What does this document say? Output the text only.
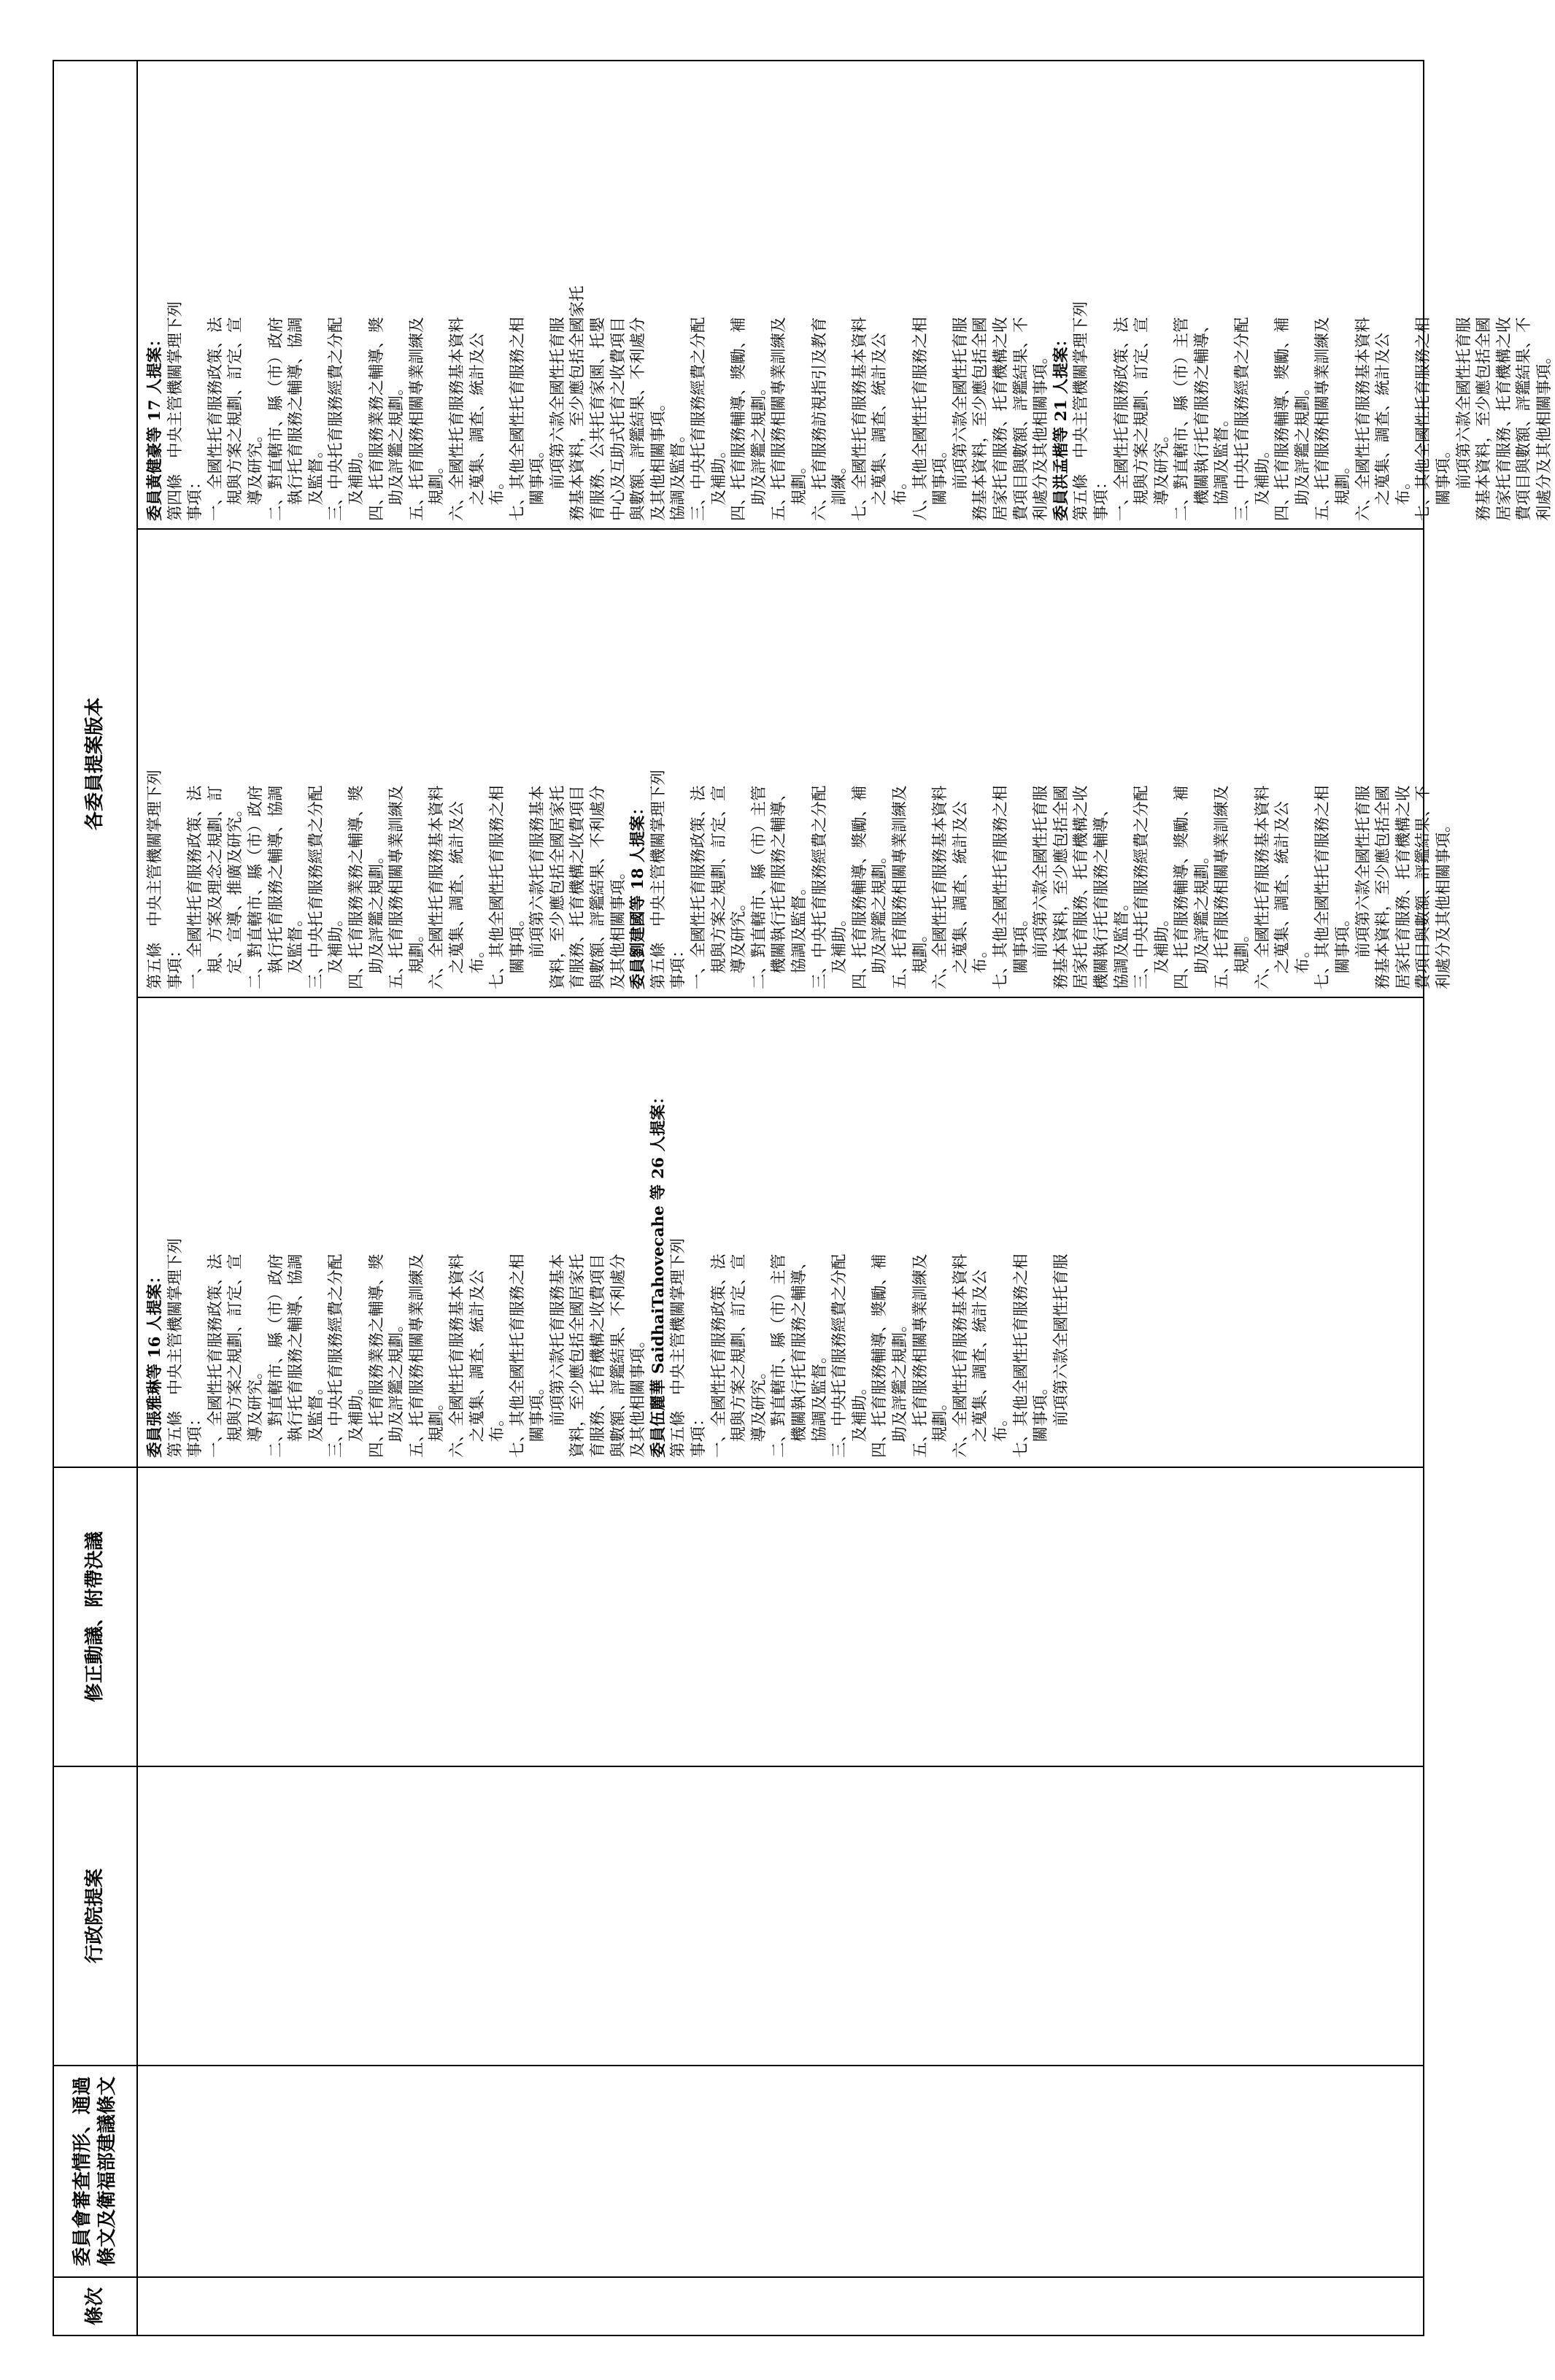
條次
委員會審查情形、通過條文及衛福部建議條文
行政院提案
修正動議、附帶決議
各委員提案版本
委員張雅琳等 16 人提案： 第五條　中央主管機關掌理下列 事項： 一、全國性托育服務政策、法 　規與方案之規劃、訂定、宣 　導及研究。 二、對直轄市、縣（市）政府 　執行托育服務之輔導、協調 　及監督。 三、中央托育服務經費之分配 　及補助。 四、托育服務業務之輔導、獎 　助及評鑑之規劃。 五、托育服務相關專業訓練及 　規劃。 六、全國性托育服務基本資料 　之蒐集、調查、統計及公 　布。 七、其他全國性托育服務之相 　關事項。 　　前項第六款托育服務基本 資料，至少應包括全國居家托 育服務、托育機構之收費項目 與數額、評鑑結果、不利處分 及其他相關事項。 委員伍麗華 SaidhaiTahovecahe 等 26 人提案： 第五條　中央主管機關掌理下列 事項： 一、全國性托育服務政策、法 　規與方案之規劃、訂定、宣 　導及研究。 二、對直轄市、縣（市）主管 　機關執行托育服務之輔導、 　協調及監督。 三、中央托育服務經費之分配 　及補助。 四、托育服務輔導、獎勵、補 　助及評鑑之規劃。 五、托育服務相關專業訓練及 　規劃。 六、全國性托育服務基本資料 　之蒐集、調查、統計及公 　布。 七、其他全國性托育服務之相 　關事項。 　　前項第六款全國性托育服
第五條　中央主管機關掌理下列 事項： 一、全國性托育服務政策、法 　規、方案及理念之規劃、訂 　定、宣導、推廣及研究。 二、對直轄市、縣（市）政府 　執行托育服務之輔導、協調 　及監督。 三、中央托育服務經費之分配 　及補助。 四、托育服務業務之輔導、獎 　助及評鑑之規劃。 五、托育服務相關專業訓練及 　規劃。 六、全國性托育服務基本資料 　之蒐集、調查、統計及公 　布。 七、其他全國性托育服務之相 　關事項。 　　前項第六款托育服務基本 資料，至少應包括全國居家托 育服務、托育機構之收費項目 與數額、評鑑結果、不利處分 及其他相關事項。 委員劉建國等 18 人提案： 第五條　中央主管機關掌理下列 事項： 一、全國性托育服務政策、法 　規與方案之規劃、訂定、宣 　導及研究。 二、對直轄市、縣（市）主管 　機關執行托育服務之輔導、 　協調及監督。 三、中央托育服務經費之分配 　及補助。 四、托育服務輔導、獎勵、補 　助及評鑑之規劃。 五、托育服務相關專業訓練及 　規劃。 六、全國性托育服務基本資料 　之蒐集、調查、統計及公 　布。 七、其他全國性托育服務之相 　關事項。 　　前項第六款全國性托育服 務基本資料，至少應包括全國 居家托育服務、托育機構之收 機關執行托育服務之輔導、 協調及監督。 三、中央托育服務經費之分配 　及補助。 四、托育服務輔導、獎勵、補 　助及評鑑之規劃。 五、托育服務相關專業訓練及 　規劃。 六、全國性托育服務基本資料 　之蒐集、調查、統計及公 　布。 七、其他全國性托育服務之相 　關事項。 　　前項第六款全國性托育服 務基本資料，至少應包括全國 居家托育服務、托育機構之收 費項目與數額、評鑑結果、不 利處分及其他相關事項。
委員黃健豪等 17 人提案： 第四條　中央主管機關掌理下列 事項： 一、全國性托育服務政策、法 　規與方案之規劃、訂定、宣 　導及研究。 二、對直轄市、縣（市）政府 　執行托育服務之輔導、協調 　及監督。 三、中央托育服務經費之分配 　及補助。 四、托育服務業務之輔導、獎 　助及評鑑之規劃。 五、托育服務相關專業訓練及 　規劃。 六、全國性托育服務基本資料 　之蒐集、調查、統計及公 　布。 七、其他全國性托育服務之相 　關事項。 　　前項第六款全國性托育服 務基本資料，至少應包括全國家托 育服務、公共托育家園、托嬰 中心及互助式托育之收費項目 與數額、評鑑結果、不利處分 及其他相關事項。 協調及監督。 三、中央托育服務經費之分配 　及補助。 四、托育服務輔導、獎勵、補 　助及評鑑之規劃。 五、托育服務相關專業訓練及 　規劃。 六、托育服務訪視指引及教育 　訓練。 七、全國性托育服務基本資料 　之蒐集、調查、統計及公 　布。 八、其他全國性托育服務之相 　關事項。 　　前項第六款全國性托育服 務基本資料，至少應包括全國 居家托育服務、托育機構之收 費項目與數額、評鑑結果、不 利處分及其他相關事項。 委員洪孟楷等 21 人提案： 第五條　中央主管機關掌理下列 事項： 一、全國性托育服務政策、法 　規與方案之規劃、訂定、宣 　導及研究。 二、對直轄市、縣（市）主管 　機關執行托育服務之輔導、 　協調及監督。 三、中央托育服務經費之分配 　及補助。 四、托育服務輔導、獎勵、補 　助及評鑑之規劃。 五、托育服務相關專業訓練及 　規劃。 六、全國性托育服務基本資料 　之蒐集、調查、統計及公 　布。 七、其他全國性托育服務之相 　關事項。 　　前項第六款全國性托育服 務基本資料，至少應包括全國 居家托育服務、托育機構之收 費項目與數額、評鑑結果、不 利處分及其他相關事項。
